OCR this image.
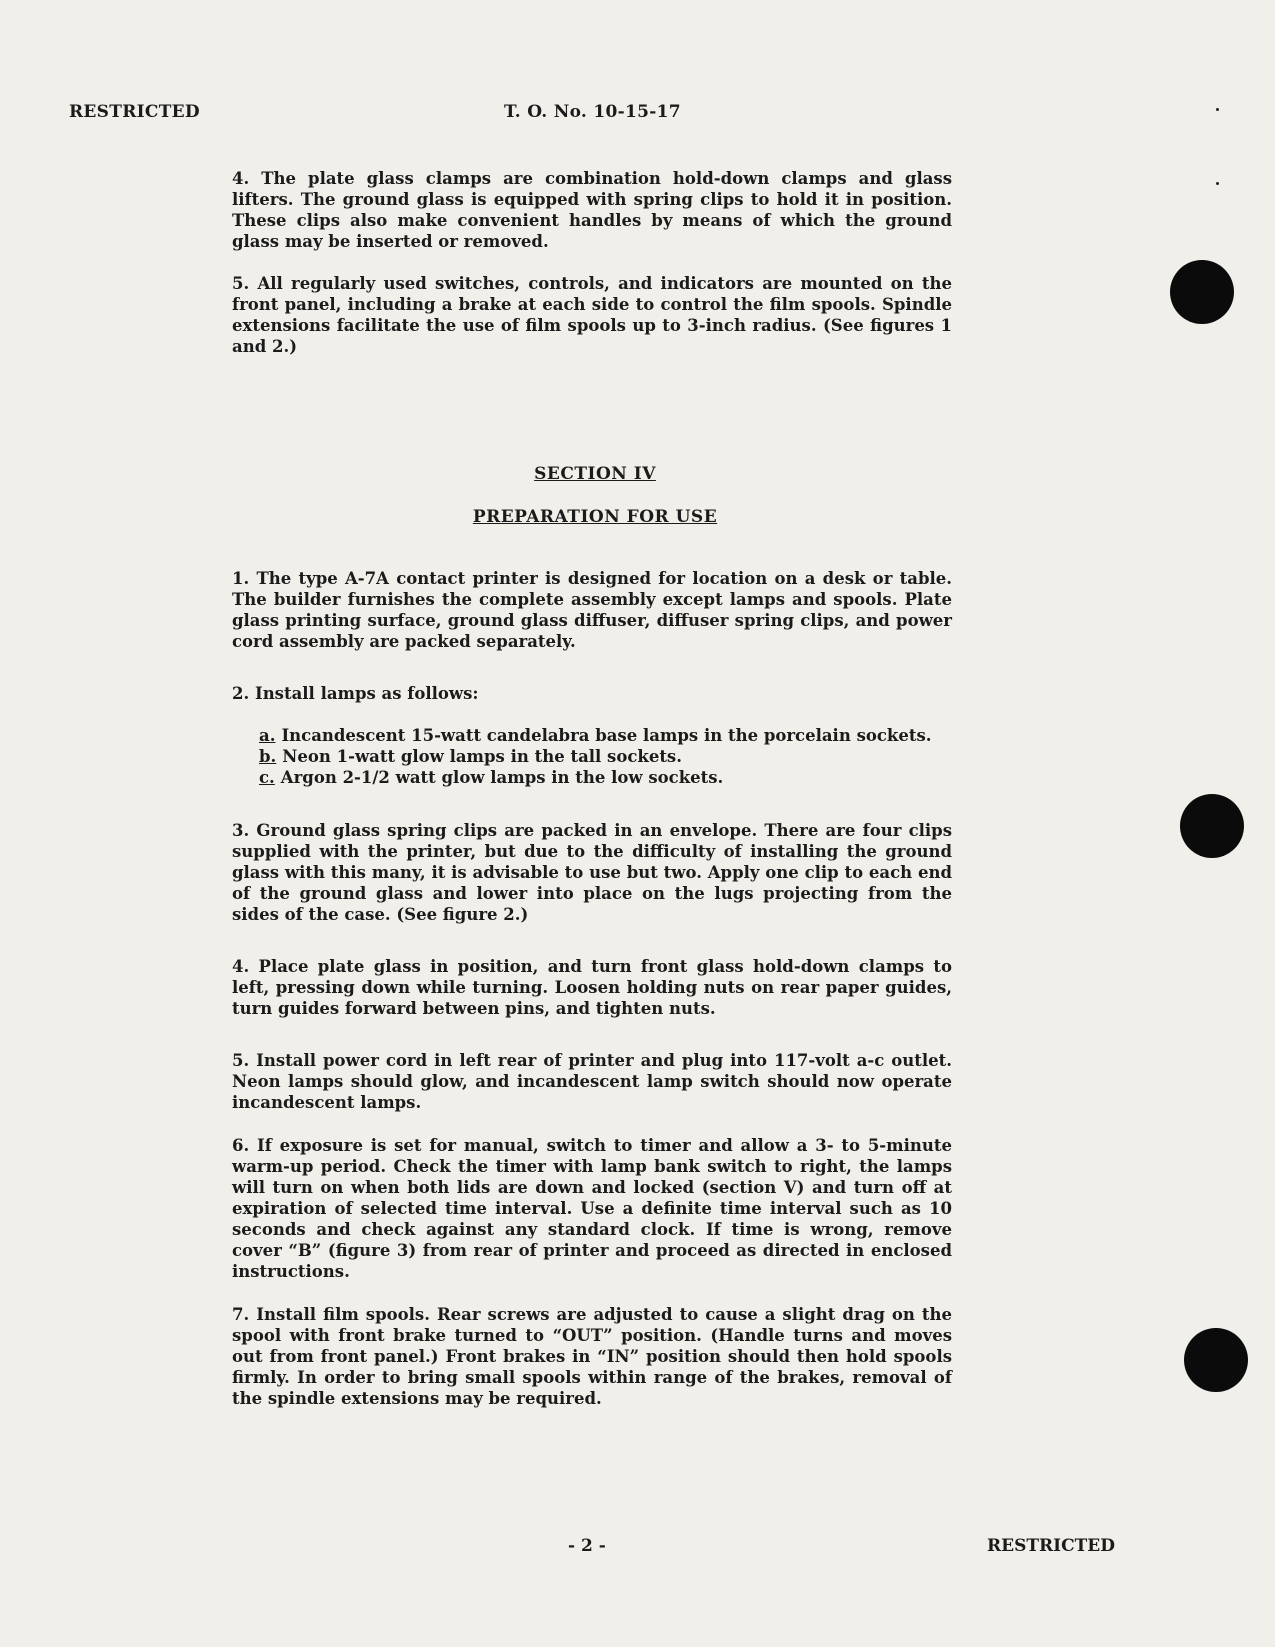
RESTRICTED	T. O. No. 10-15-17
4. The plate glass clamps are combination hold-down clamps and glass lifters. The ground glass is equipped with spring clips to hold it in position. These clips also make convenient handles by means of which the ground glass may be inserted or removed.
5. All regularly used switches, controls, and indicators are mounted on the front panel, including a brake at each side to control the film spools. Spindle extensions facilitate the use of film spools up to 3-inch radius. (See figures 1 and 2.)
SECTION IV
PREPARATION FOR USE
1. The type A-7A contact printer is designed for location on a desk or table. The builder furnishes the complete assembly except lamps and spools. Plate glass printing surface, ground glass diffuser, diffuser spring clips, and power cord assembly are packed separately.
2. Install lamps as follows:
a. Incandescent 15-watt candelabra base lamps in the porcelain sockets.
b. Neon 1-watt glow lamps in the tall sockets.
c. Argon 2-1/2 watt glow lamps in the low sockets.
3. Ground glass spring clips are packed in an envelope. There are four clips supplied with the printer, but due to the difficulty of installing the ground glass with this many, it is advisable to use but two. Apply one clip to each end of the ground glass and lower into place on the lugs projecting from the sides of the case. (See figure 2.)
4. Place plate glass in position, and turn front glass hold-down clamps to left, pressing down while turning. Loosen holding nuts on rear paper guides, turn guides forward between pins, and tighten nuts.
5. Install power cord in left rear of printer and plug into 117-volt a-c outlet. Neon lamps should glow, and incandescent lamp switch should now operate incandescent lamps.
6. If exposure is set for manual, switch to timer and allow a 3- to 5-minute warm-up period. Check the timer with lamp bank switch to right, the lamps will turn on when both lids are down and locked (section V) and turn off at expiration of selected time interval. Use a definite time interval such as 10 seconds and check against any standard clock. If time is wrong, remove cover “B” (figure 3) from rear of printer and proceed as directed in enclosed instructions.
7. Install film spools. Rear screws are adjusted to cause a slight drag on the spool with front brake turned to “OUT” position. (Handle turns and moves out from front panel.) Front brakes in “IN” position should then hold spools firmly. In order to bring small spools within range of the brakes, removal of the spindle extensions may be required.
- 2 -	RESTRICTED
